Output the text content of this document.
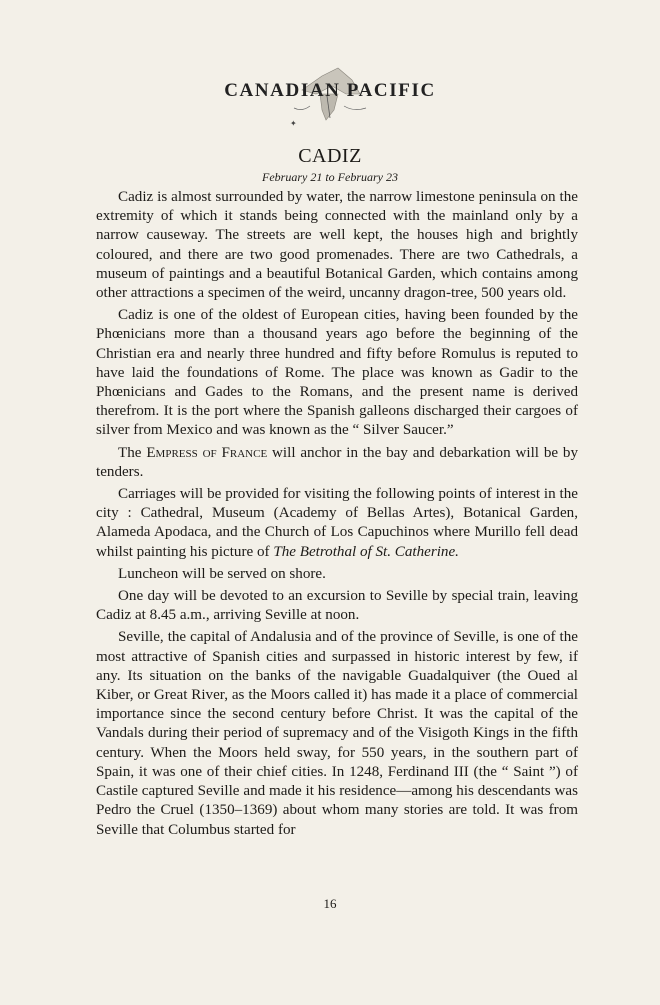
✦
CANADIAN PACIFIC
CADIZ
February 21 to February 23

Cadiz is almost surrounded by water, the narrow limestone peninsula on the extremity of which it stands being connected with the mainland only by a narrow causeway. The streets are well kept, the houses high and brightly coloured, and there are two good promenades. There are two Cathedrals, a museum of paintings and a beautiful Botanical Garden, which contains among other attractions a specimen of the weird, uncanny dragon-tree, 500 years old.

Cadiz is one of the oldest of European cities, having been founded by the Phœnicians more than a thousand years ago before the beginning of the Christian era and nearly three hundred and fifty before Romulus is reputed to have laid the foundations of Rome. The place was known as Gadir to the Phœnicians and Gades to the Romans, and the present name is derived therefrom. It is the port where the Spanish galleons discharged their cargoes of silver from Mexico and was known as the “ Silver Saucer.”

The Empress of France will anchor in the bay and debarkation will be by tenders.

Carriages will be provided for visiting the following points of interest in the city : Cathedral, Museum (Academy of Bellas Artes), Botanical Garden, Alameda Apodaca, and the Church of Los Capuchinos where Murillo fell dead whilst painting his picture of The Betrothal of St. Catherine.

Luncheon will be served on shore.

One day will be devoted to an excursion to Seville by special train, leaving Cadiz at 8.45 a.m., arriving Seville at noon.

Seville, the capital of Andalusia and of the province of Seville, is one of the most attractive of Spanish cities and surpassed in historic interest by few, if any. Its situation on the banks of the navigable Guadalquiver (the Oued al Kiber, or Great River, as the Moors called it) has made it a place of commercial importance since the second century before Christ. It was the capital of the Vandals during their period of supremacy and of the Visigoth Kings in the fifth century. When the Moors held sway, for 550 years, in the southern part of Spain, it was one of their chief cities. In 1248, Ferdinand III (the “ Saint ”) of Castile captured Seville and made it his residence—among his descendants was Pedro the Cruel (1350–1369) about whom many stories are told. It was from Seville that Columbus started for

16
